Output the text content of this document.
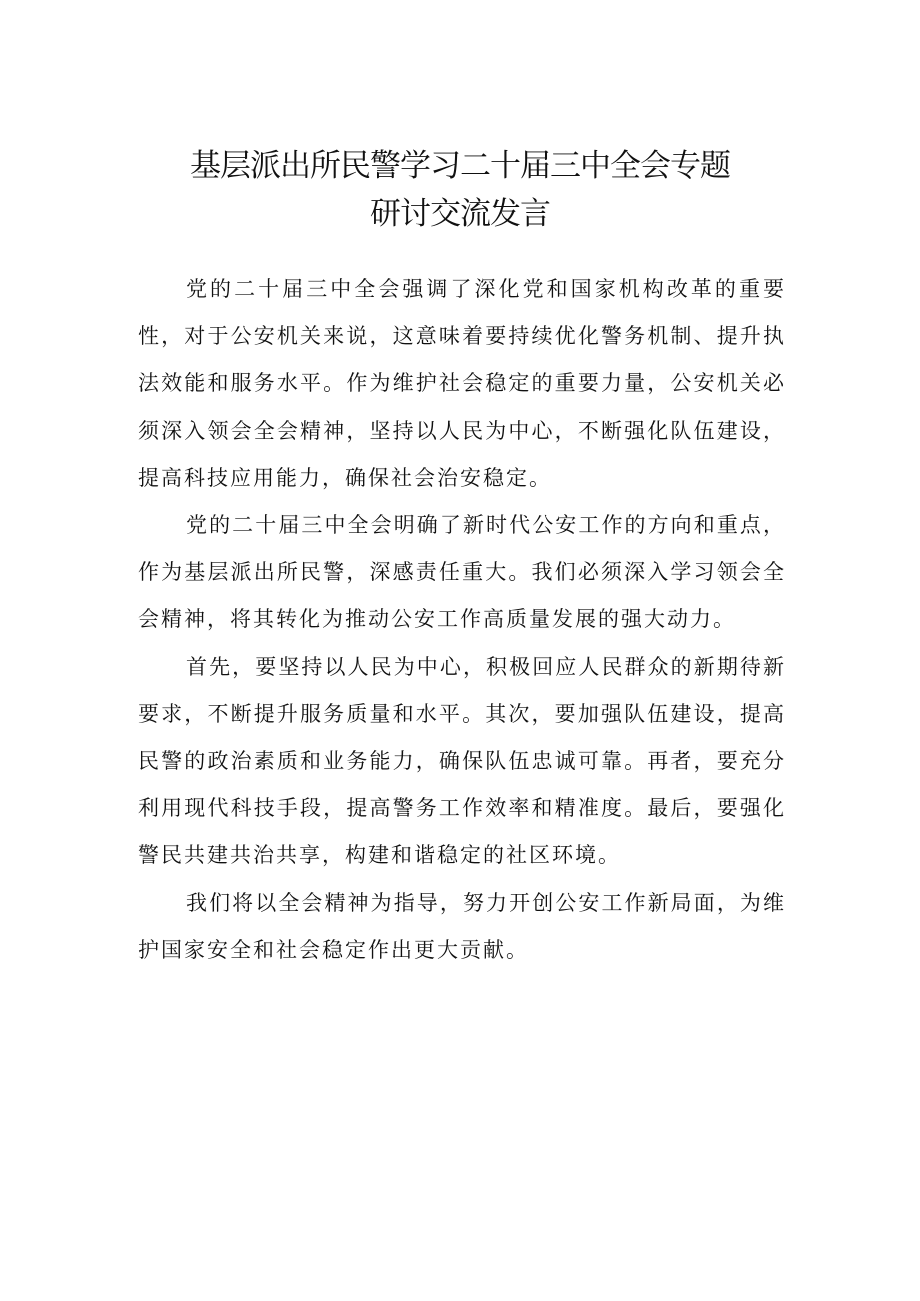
基层派出所民警学习二十届三中全会专题
研讨交流发言

党的二十届三中全会强调了深化党和国家机构改革的重要性，对于公安机关来说，这意味着要持续优化警务机制、提升执法效能和服务水平。作为维护社会稳定的重要力量，公安机关必须深入领会全会精神，坚持以人民为中心，不断强化队伍建设，提高科技应用能力，确保社会治安稳定。

党的二十届三中全会明确了新时代公安工作的方向和重点，作为基层派出所民警，深感责任重大。我们必须深入学习领会全会精神，将其转化为推动公安工作高质量发展的强大动力。

首先，要坚持以人民为中心，积极回应人民群众的新期待新要求，不断提升服务质量和水平。其次，要加强队伍建设，提高民警的政治素质和业务能力，确保队伍忠诚可靠。再者，要充分利用现代科技手段，提高警务工作效率和精准度。最后，要强化警民共建共治共享，构建和谐稳定的社区环境。

我们将以全会精神为指导，努力开创公安工作新局面，为维护国家安全和社会稳定作出更大贡献。
